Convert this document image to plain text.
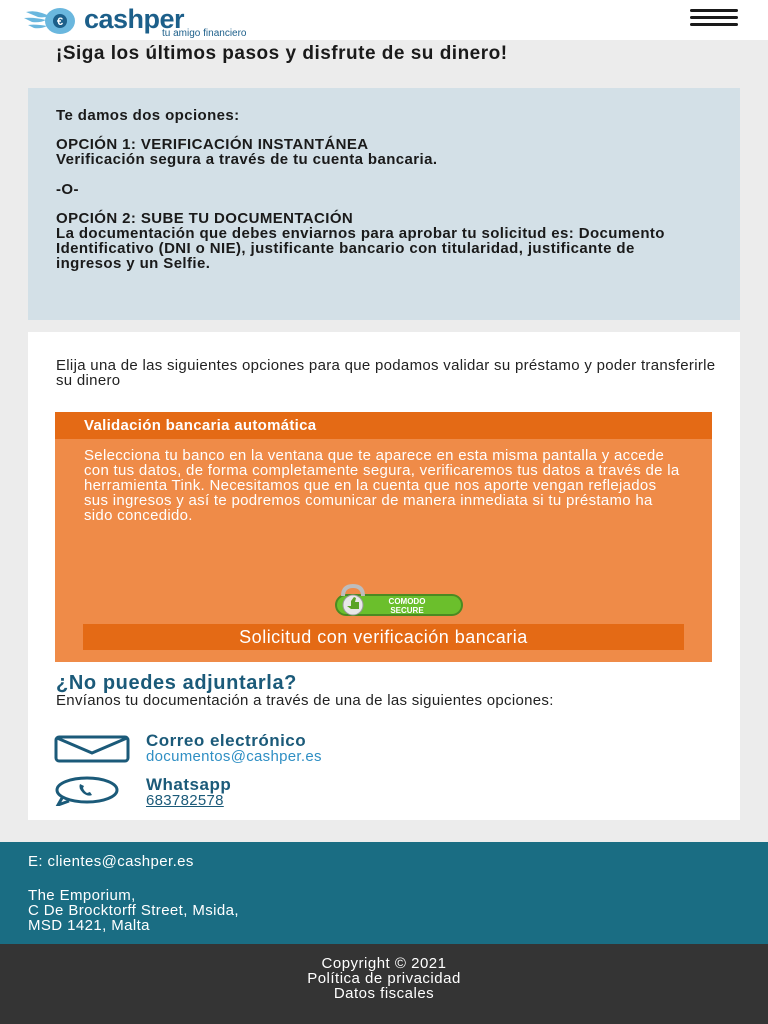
€ cashper
tu amigo financiero
¡Siga los últimos pasos y disfrute de su dinero!
Te damos dos opciones:
OPCIÓN 1: VERIFICACIÓN INSTANTÁNEA
Verificación segura a través de tu cuenta bancaria.
-O-
OPCIÓN 2: SUBE TU DOCUMENTACIÓN
La documentación que debes enviarnos para aprobar tu solicitud es: Documento Identificativo (DNI o NIE), justificante bancario con titularidad, justificante de ingresos y un Selfie.
Elija una de las siguientes opciones para que podamos validar su préstamo y poder transferirle su dinero
Validación bancaria automática
Selecciona tu banco en la ventana que te aparece en esta misma pantalla y accede con tus datos, de forma completamente segura, verificaremos tus datos a través de la herramienta Tink. Necesitamos que en la cuenta que nos aporte vengan reflejados sus ingresos y así te podremos comunicar de manera inmediata si tu préstamo ha sido concedido.
COMODO
SECURE
Solicitud con verificación bancaria
¿No puedes adjuntarla?
Envíanos tu documentación a través de una de las siguientes opciones:
Correo electrónico
documentos@cashper.es
Whatsapp
683782578
E: clientes@cashper.es
The Emporium,
C De Brocktorff Street, Msida,
MSD 1421, Malta
Copyright © 2021
Política de privacidad
Datos fiscales
